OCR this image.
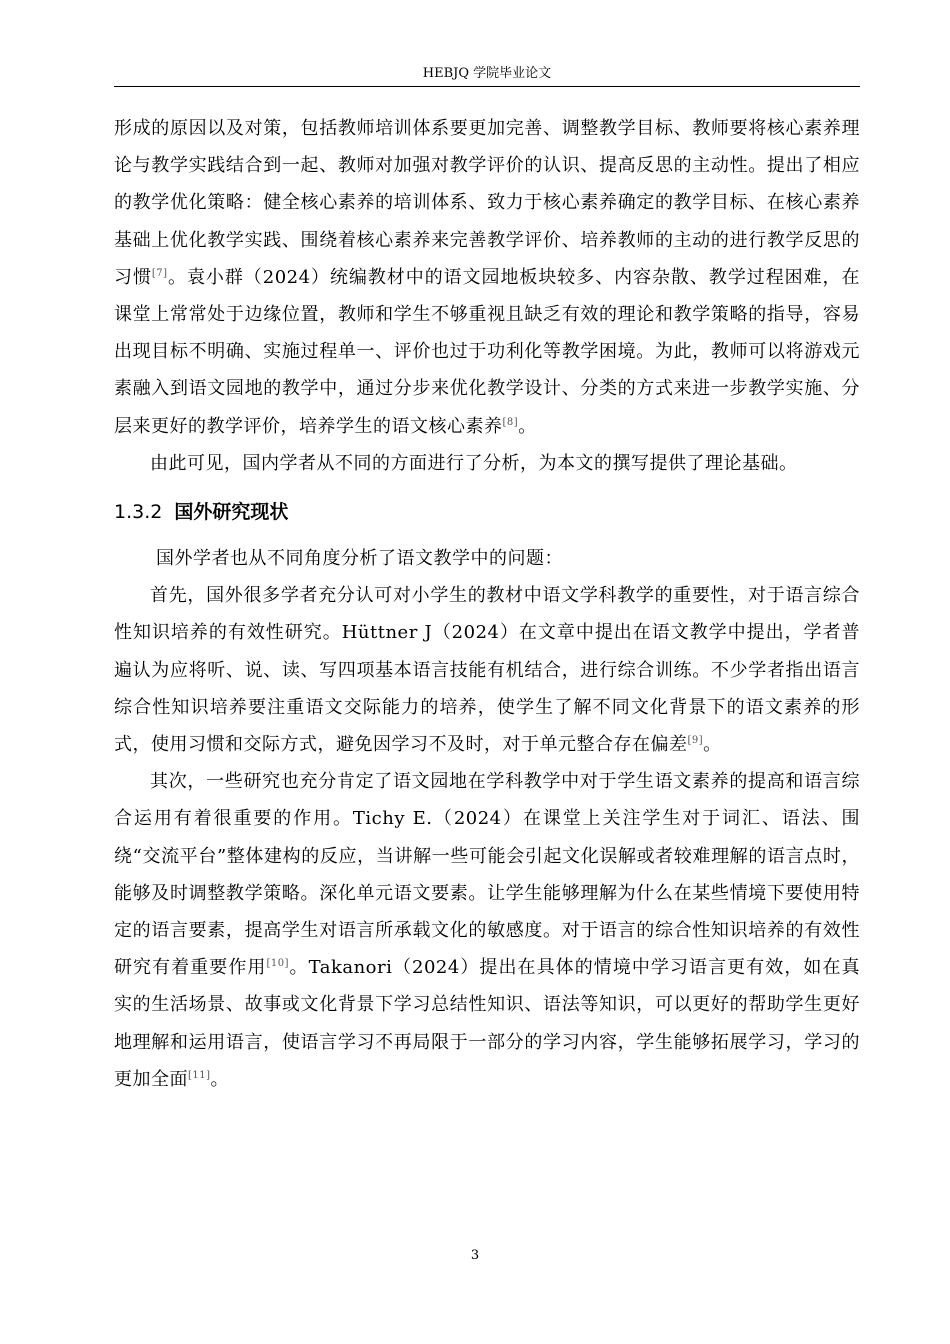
HEBJQ 学院毕业论文

形成的原因以及对策，包括教师培训体系要更加完善、调整教学目标、教师要将核心素养理论与教学实践结合到一起、教师对加强对教学评价的认识、提高反思的主动性。提出了相应的教学优化策略：健全核心素养的培训体系、致力于核心素养确定的教学目标、在核心素养基础上优化教学实践、围绕着核心素养来完善教学评价、培养教师的主动的进行教学反思的习惯[7]。袁小群（2024）统编教材中的语文园地板块较多、内容杂散、教学过程困难，在课堂上常常处于边缘位置，教师和学生不够重视且缺乏有效的理论和教学策略的指导，容易出现目标不明确、实施过程单一、评价也过于功利化等教学困境。为此，教师可以将游戏元素融入到语文园地的教学中，通过分步来优化教学设计、分类的方式来进一步教学实施、分层来更好的教学评价，培养学生的语文核心素养[8]。

由此可见，国内学者从不同的方面进行了分析，为本文的撰写提供了理论基础。

1.3.2 国外研究现状

国外学者也从不同角度分析了语文教学中的问题：

首先，国外很多学者充分认可对小学生的教材中语文学科教学的重要性，对于语言综合性知识培养的有效性研究。Hüttner J（2024）在文章中提出在语文教学中提出，学者普遍认为应将听、说、读、写四项基本语言技能有机结合，进行综合训练。不少学者指出语言综合性知识培养要注重语文交际能力的培养，使学生了解不同文化背景下的语文素养的形式，使用习惯和交际方式，避免因学习不及时，对于单元整合存在偏差[9]。

其次，一些研究也充分肯定了语文园地在学科教学中对于学生语文素养的提高和语言综合运用有着很重要的作用。Tichy E.（2024）在课堂上关注学生对于词汇、语法、围绕“交流平台”整体建构的反应，当讲解一些可能会引起文化误解或者较难理解的语言点时，能够及时调整教学策略。深化单元语文要素。让学生能够理解为什么在某些情境下要使用特定的语言要素，提高学生对语言所承载文化的敏感度。对于语言的综合性知识培养的有效性研究有着重要作用[10]。Takanori（2024）提出在具体的情境中学习语言更有效，如在真实的生活场景、故事或文化背景下学习总结性知识、语法等知识，可以更好的帮助学生更好地理解和运用语言，使语言学习不再局限于一部分的学习内容，学生能够拓展学习，学习的更加全面[11]。

3
